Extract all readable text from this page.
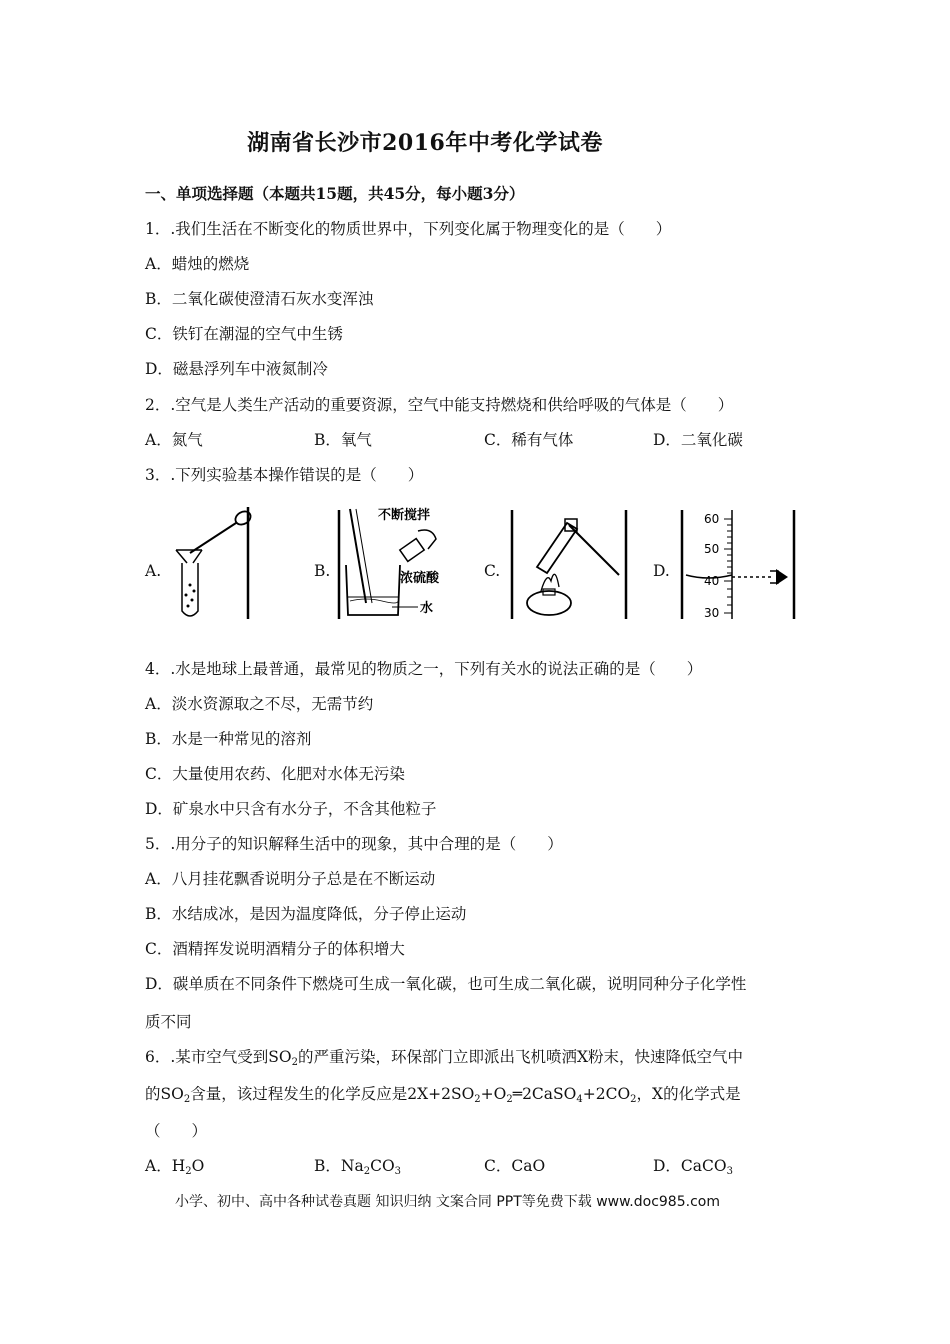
湖南省长沙市2016年中考化学试卷
一、单项选择题（本题共15题，共45分，每小题3分）
1．.我们生活在不断变化的物质世界中，下列变化属于物理变化的是（　　）
A．蜡烛的燃烧
B．二氧化碳使澄清石灰水变浑浊
C．铁钉在潮湿的空气中生锈
D．磁悬浮列车中液氮制冷
2．.空气是人类生产活动的重要资源，空气中能支持燃烧和供给呼吸的气体是（　　）
A．氮气	B．氧气	C．稀有气体	D．二氧化碳
3．.下列实验基本操作错误的是（　　）
A.	B.	C.	D.
不断搅拌
浓硫酸
水
60
50
40
30
4．.水是地球上最普通，最常见的物质之一，下列有关水的说法正确的是（　　）
A．淡水资源取之不尽，无需节约
B．水是一种常见的溶剂
C．大量使用农药、化肥对水体无污染
D．矿泉水中只含有水分子，不含其他粒子
5．.用分子的知识解释生活中的现象，其中合理的是（　　）
A．八月挂花飘香说明分子总是在不断运动
B．水结成冰，是因为温度降低，分子停止运动
C．酒精挥发说明酒精分子的体积增大
D．碳单质在不同条件下燃烧可生成一氧化碳，也可生成二氧化碳，说明同种分子化学性
质不同
6．.某市空气受到$SO_2$的严重污染，环保部门立即派出飞机喷洒X粉末，快速降低空气中
的$SO_2$含量，该过程发生的化学反应是$2X+2SO_2+O_2═2CaSO_4+2CO_2$，X的化学式是
（　　）
A．$H_2O$	B．$Na_2CO_3$	C．CaO	D．CaCO$_3$
小学、初中、高中各种试卷真题 知识归纳 文案合同 PPT等免费下载 www.doc985.com
